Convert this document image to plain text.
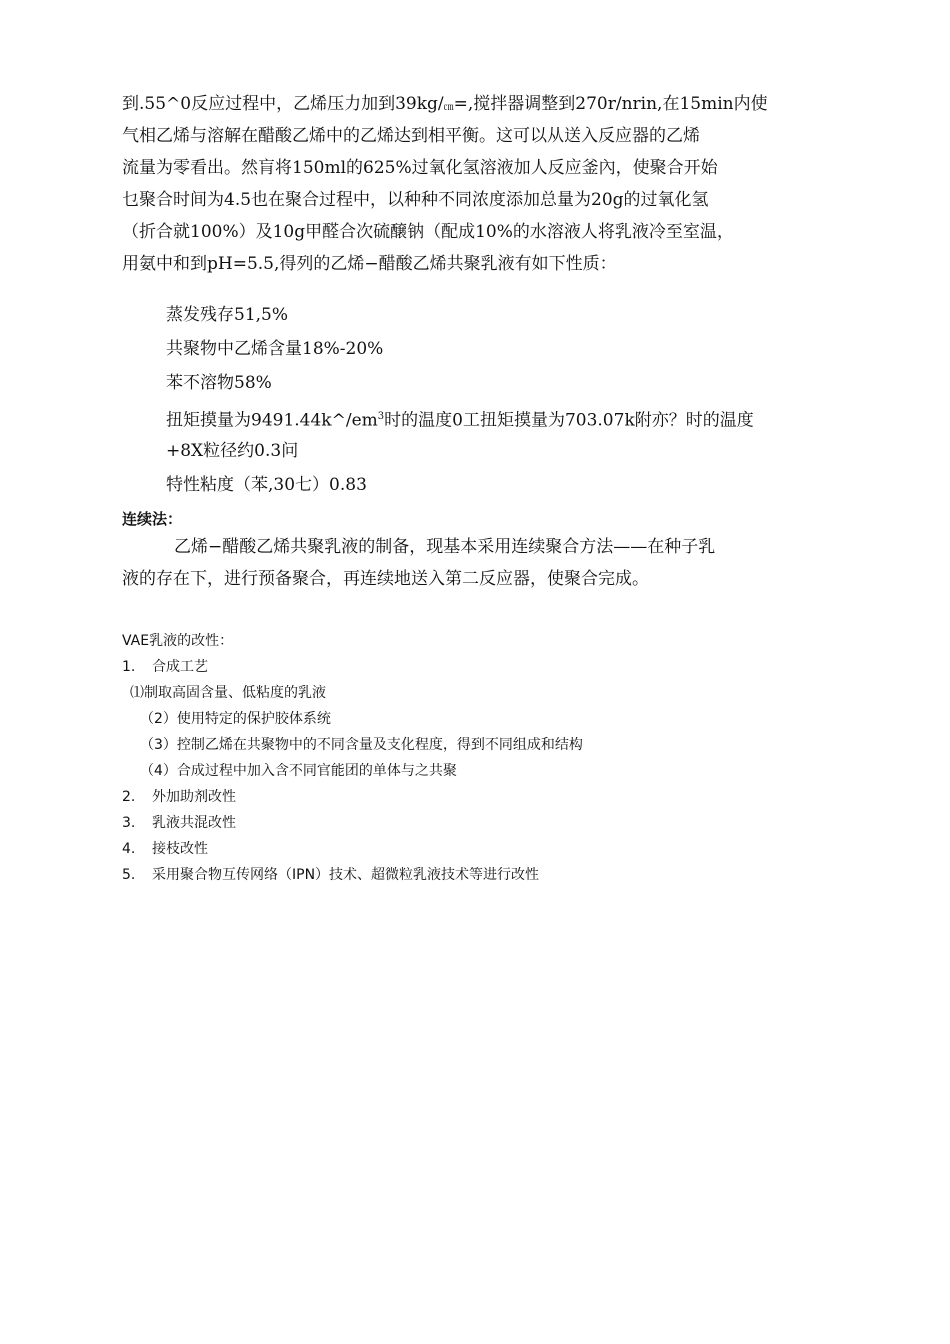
到.55^0反应过程中，乙烯压力加到$39kg/_㎝=$,搅拌器调整到270r/nrin,在15min内使
气相乙烯与溶解在醋酸乙烯中的乙烯达到相平衡。这可以从送入反应器的乙烯
流量为零看出。然肓将150ml的625%过氧化氢溶液加人反应釜內，使聚合开始
乜聚合时间为4.5也在聚合过程中，以种种不同浓度添加总量为20g的过氧化氢
（折合就100%）及10g甲醛合次硫醸钠（配成10%的水溶液人将乳液冷至室温，
用氨中和到pH=5.5,得列的乙烯−醋酸乙烯共聚乳液有如下性质：
蒸发残存51,5%
共聚物中乙烯含量18%-20%
苯不溶物58%
扭矩摸量为$9491.44k\^{}/em^3$时的温度0工扭矩摸量为703.07k附亦？时的温度
+8X粒径约0.3问
特性粘度（苯,30七）0.83
连续法：
乙烯−醋酸乙烯共聚乳液的制备，现基本采用连续聚合方法——在种子乳
液的存在下，进行预备聚合，再连续地送入第二反应器，使聚合完成。
VAE乳液的改性：
1. 合成工艺
⑴制取高固含量、低粘度的乳液
（2）使用特定的保护胶体系统
（3）控制乙烯在共聚物中的不同含量及支化程度，得到不同组成和结构
（4）合成过程中加入含不同官能团的单体与之共聚
2. 外加助剂改性
3. 乳液共混改性
4. 接枝改性
5. 采用聚合物互传网络（IPN）技术、超微粒乳液技术等进行改性
